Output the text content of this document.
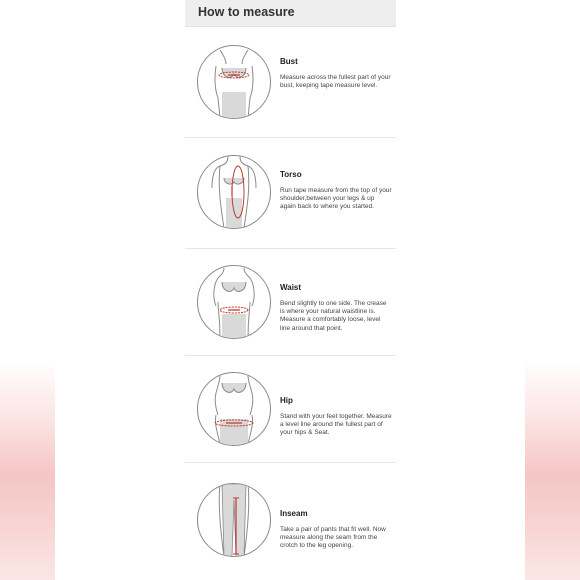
How to measure
Bust
Measure across the fullest part of your bust, keeping tape measure level.
Torso
Run tape measure from the top of your shoulder,between your legs & up again back to where you started.
Waist
Bend slightly to one side. The crease is where your natural waistline is. Measure a comfortably loose, level line around that point.
Hip
Stand with your feet together. Measure a level line around the fullest part of your hips & Seat.
Inseam
Take a pair of pants that fit well. Now measure along the seam from the crotch to the leg opening.
